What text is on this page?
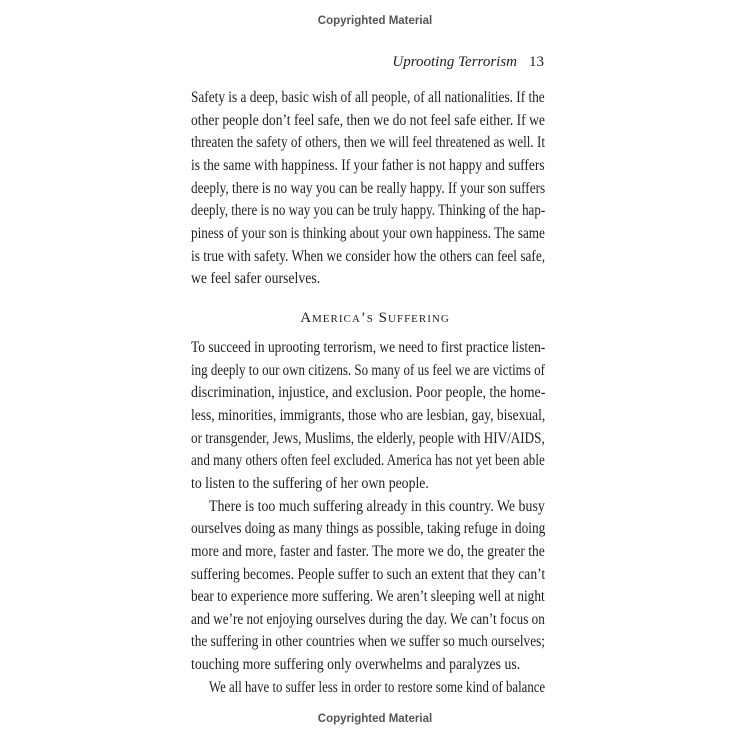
Copyrighted Material
Uprooting Terrorism 13
America’s Suffering
Safety is a deep, basic wish of all people, of all nationalities. If the
other people don’t feel safe, then we do not feel safe either. If we
threaten the safety of others, then we will feel threatened as well. It
is the same with happiness. If your father is not happy and suffers
deeply, there is no way you can be really happy. If your son suffers
deeply, there is no way you can be truly happy. Thinking of the hap-
piness of your son is thinking about your own happiness. The same
is true with safety. When we consider how the others can feel safe,
we feel safer ourselves.
To succeed in uprooting terrorism, we need to first practice listen-
ing deeply to our own citizens. So many of us feel we are victims of
discrimination, injustice, and exclusion. Poor people, the home-
less, minorities, immigrants, those who are lesbian, gay, bisexual,
or transgender, Jews, Muslims, the elderly, people with HIV/AIDS,
and many others often feel excluded. America has not yet been able
to listen to the suffering of her own people.
There is too much suffering already in this country. We busy
ourselves doing as many things as possible, taking refuge in doing
more and more, faster and faster. The more we do, the greater the
suffering becomes. People suffer to such an extent that they can’t
bear to experience more suffering. We aren’t sleeping well at night
and we’re not enjoying ourselves during the day. We can’t focus on
the suffering in other countries when we suffer so much ourselves;
touching more suffering only overwhelms and paralyzes us.
We all have to suffer less in order to restore some kind of balance
Copyrighted Material
